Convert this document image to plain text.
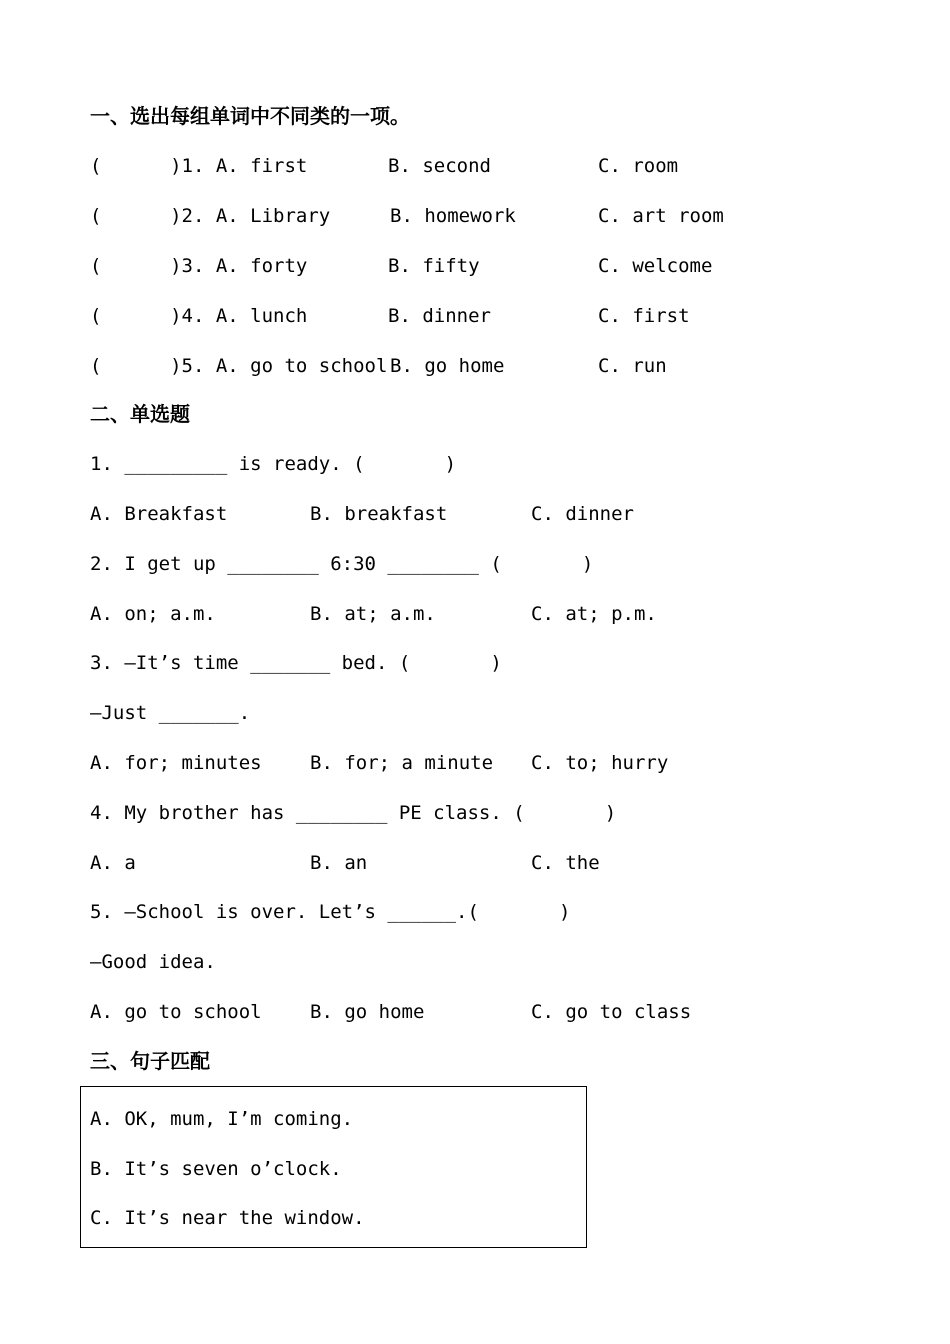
一、选出每组单词中不同类的一项。
(      )1. A. first	B. second	C. room
(      )2. A. Library	B. homework	C. art room
(      )3. A. forty	B. fifty	C. welcome
(      )4. A. lunch	B. dinner	C. first
(      )5. A. go to school B. go home	C. run
二、单选题
1. _________ is ready. (       )
A. Breakfast	B. breakfast	C. dinner
2. I get up ________ 6:30 ________ (       )
A. on; a.m.	B. at; a.m.	C. at; p.m.
3. —It’s time _______ bed. (       )
—Just _______.
A. for; minutes	B. for; a minute C. to; hurry
4. My brother has ________ PE class. (       )
A. a	B. an	C. the
5. —School is over. Let’s ______.(       )
—Good idea.
A. go to school	B. go home	C. go to class
三、句子匹配
A. OK, mum, I’m coming.
B. It’s seven o’clock.
C. It’s near the window.
